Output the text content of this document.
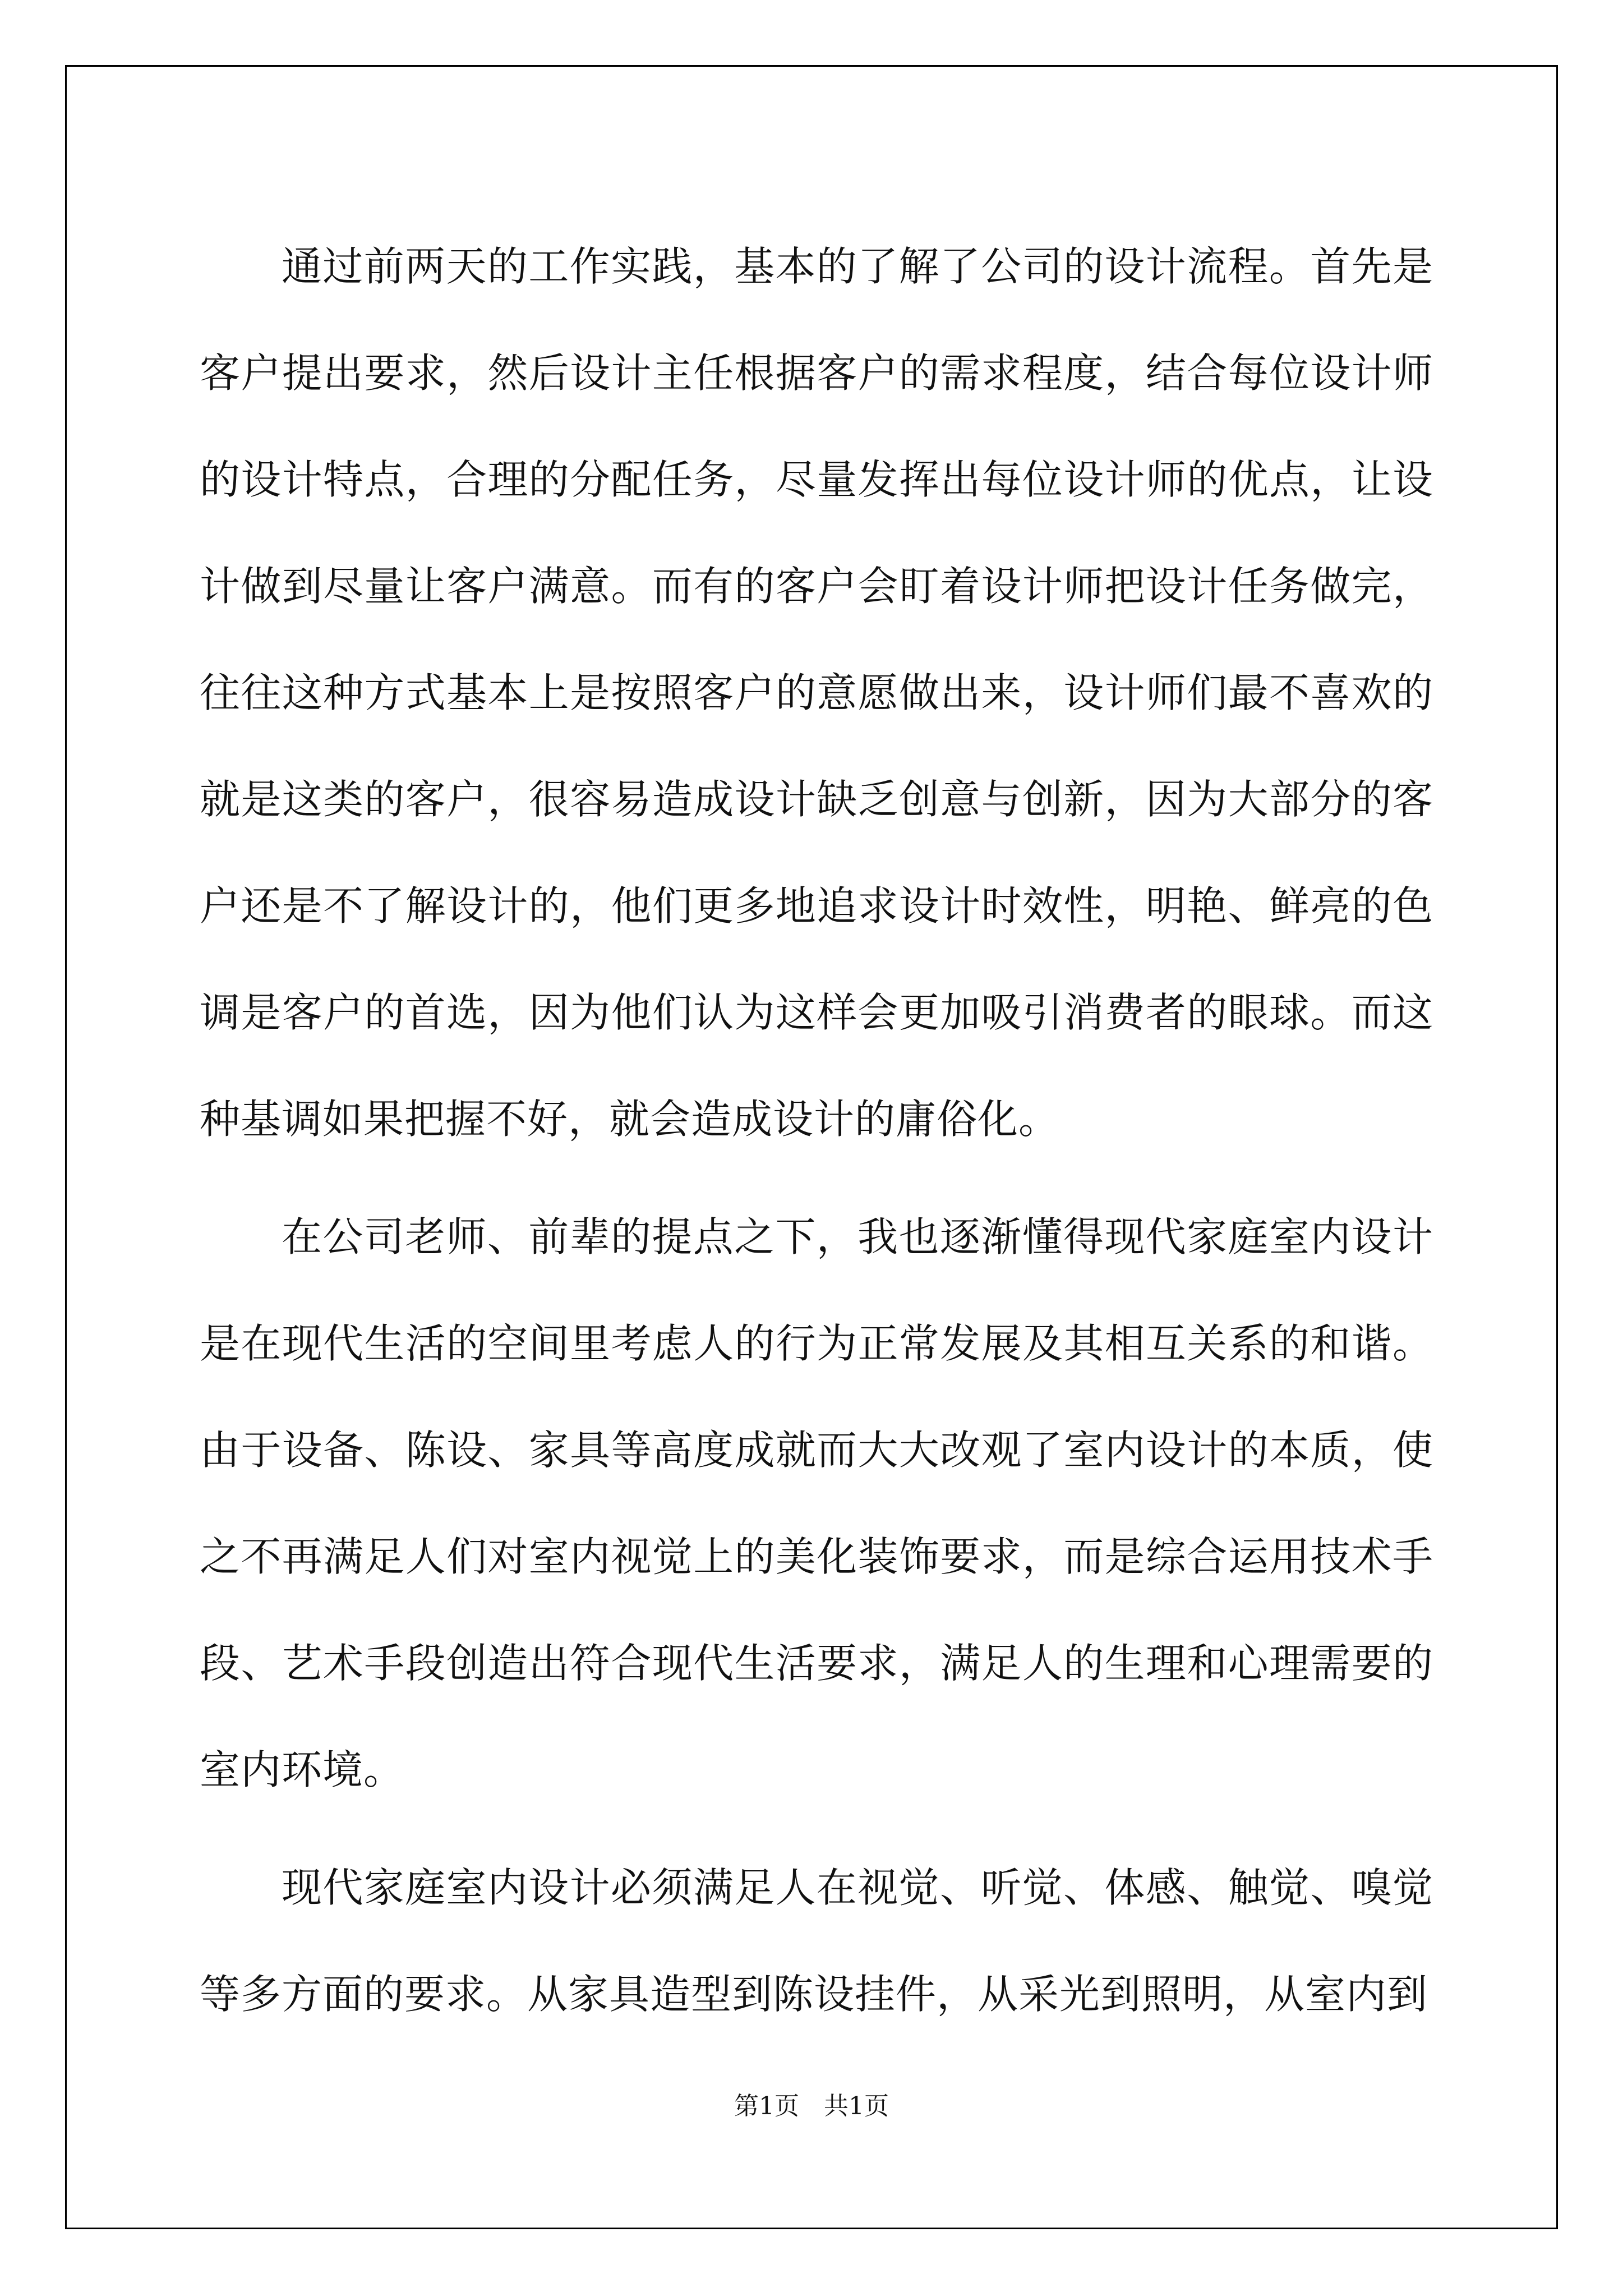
通过前两天的工作实践，基本的了解了公司的设计流程。首先是客户提出要求，然后设计主任根据客户的需求程度，结合每位设计师的设计特点，合理的分配任务，尽量发挥出每位设计师的优点，让设计做到尽量让客户满意。而有的客户会盯着设计师把设计任务做完，往往这种方式基本上是按照客户的意愿做出来，设计师们最不喜欢的就是这类的客户，很容易造成设计缺乏创意与创新，因为大部分的客户还是不了解设计的，他们更多地追求设计时效性，明艳、鲜亮的色调是客户的首选，因为他们认为这样会更加吸引消费者的眼球。而这种基调如果把握不好，就会造成设计的庸俗化。

在公司老师、前辈的提点之下，我也逐渐懂得现代家庭室内设计是在现代生活的空间里考虑人的行为正常发展及其相互关系的和谐。由于设备、陈设、家具等高度成就而大大改观了室内设计的本质，使之不再满足人们对室内视觉上的美化装饰要求，而是综合运用技术手段、艺术手段创造出符合现代生活要求，满足人的生理和心理需要的室内环境。

现代家庭室内设计必须满足人在视觉、听觉、体感、触觉、嗅觉等多方面的要求。从家具造型到陈设挂件，从采光到照明，从室内到

第1页　共1页
